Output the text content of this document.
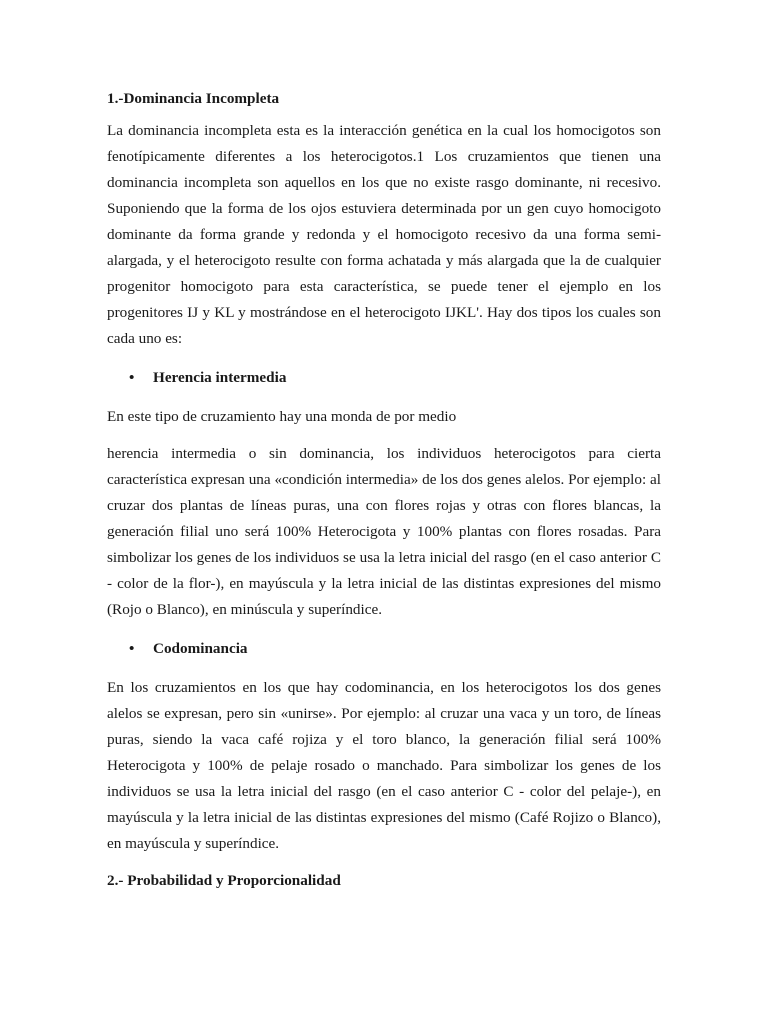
1.-Dominancia Incompleta

La dominancia incompleta esta es la interacción genética en la cual los homocigotos son fenotípicamente diferentes a los heterocigotos.1 Los cruzamientos que tienen una dominancia incompleta son aquellos en los que no existe rasgo dominante, ni recesivo. Suponiendo que la forma de los ojos estuviera determinada por un gen cuyo homocigoto dominante da forma grande y redonda y el homocigoto recesivo da una forma semi-alargada, y el heterocigoto resulte con forma achatada y más alargada que la de cualquier progenitor homocigoto para esta característica, se puede tener el ejemplo en los progenitores IJ y KL y mostrándose en el heterocigoto IJKL'. Hay dos tipos los cuales son cada uno es:

•	Herencia intermedia

En este tipo de cruzamiento hay una monda de por medio

herencia intermedia o sin dominancia, los individuos heterocigotos para cierta característica expresan una «condición intermedia» de los dos genes alelos. Por ejemplo: al cruzar dos plantas de líneas puras, una con flores rojas y otras con flores blancas, la generación filial uno será 100% Heterocigota y 100% plantas con flores rosadas. Para simbolizar los genes de los individuos se usa la letra inicial del rasgo (en el caso anterior C - color de la flor-), en mayúscula y la letra inicial de las distintas expresiones del mismo (Rojo o Blanco), en minúscula y superíndice.

•	Codominancia

En los cruzamientos en los que hay codominancia, en los heterocigotos los dos genes alelos se expresan, pero sin «unirse». Por ejemplo: al cruzar una vaca y un toro, de líneas puras, siendo la vaca café rojiza y el toro blanco, la generación filial será 100% Heterocigota y 100% de pelaje rosado o manchado. Para simbolizar los genes de los individuos se usa la letra inicial del rasgo (en el caso anterior C - color del pelaje-), en mayúscula y la letra inicial de las distintas expresiones del mismo (Café Rojizo o Blanco), en mayúscula y superíndice.

2.- Probabilidad y Proporcionalidad
